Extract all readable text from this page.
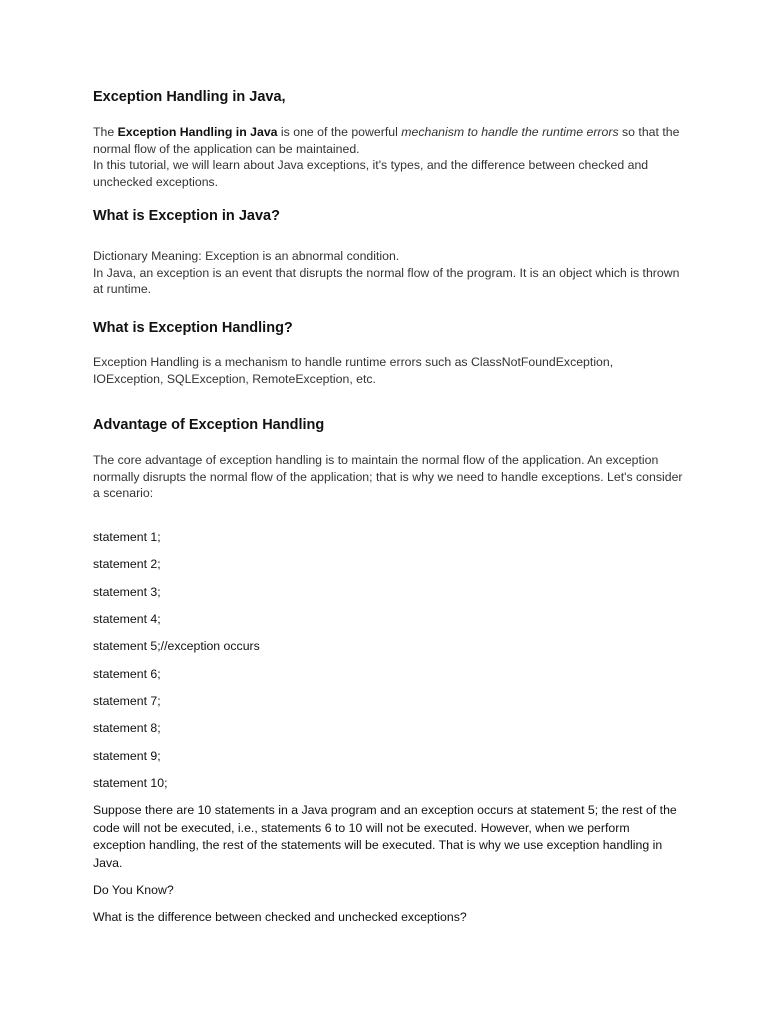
Exception Handling in Java,

The Exception Handling in Java is one of the powerful mechanism to handle the runtime errors so that the normal flow of the application can be maintained.
In this tutorial, we will learn about Java exceptions, it's types, and the difference between checked and unchecked exceptions.

What is Exception in Java?

Dictionary Meaning: Exception is an abnormal condition.
In Java, an exception is an event that disrupts the normal flow of the program. It is an object which is thrown at runtime.

What is Exception Handling?

Exception Handling is a mechanism to handle runtime errors such as ClassNotFoundException, IOException, SQLException, RemoteException, etc.

Advantage of Exception Handling

The core advantage of exception handling is to maintain the normal flow of the application. An exception normally disrupts the normal flow of the application; that is why we need to handle exceptions. Let's consider a scenario:

statement 1;

statement 2;

statement 3;

statement 4;

statement 5;//exception occurs

statement 6;

statement 7;

statement 8;

statement 9;

statement 10;

Suppose there are 10 statements in a Java program and an exception occurs at statement 5; the rest of the code will not be executed, i.e., statements 6 to 10 will not be executed. However, when we perform exception handling, the rest of the statements will be executed. That is why we use exception handling in Java.

Do You Know?

What is the difference between checked and unchecked exceptions?
